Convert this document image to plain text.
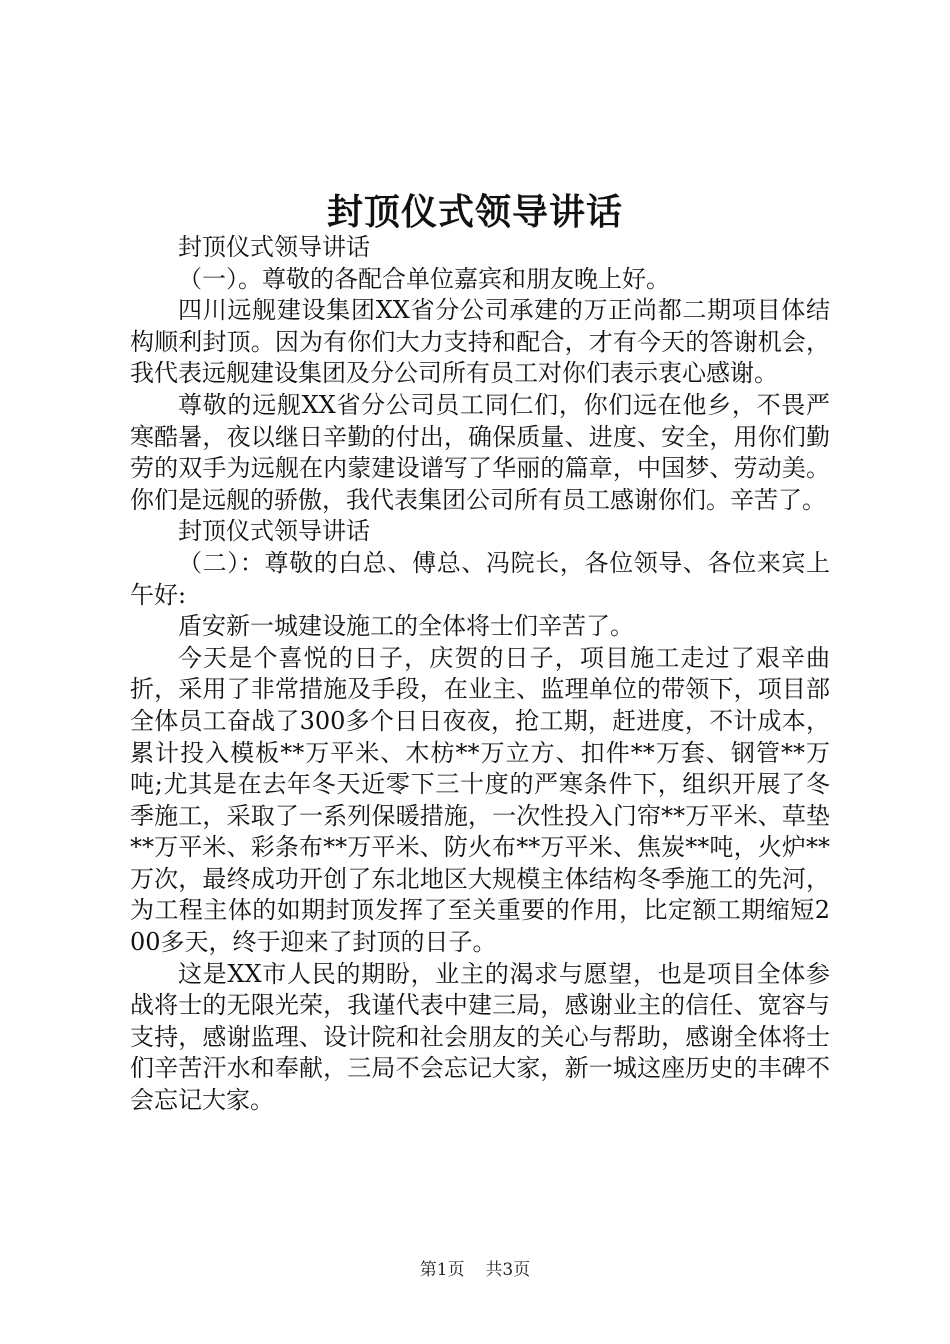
封顶仪式领导讲话

封顶仪式领导讲话

（一）。尊敬的各配合单位嘉宾和朋友晚上好。

四川远舰建设集团XX省分公司承建的万正尚都二期项目体结构顺利封顶。因为有你们大力支持和配合，才有今天的答谢机会，我代表远舰建设集团及分公司所有员工对你们表示衷心感谢。

尊敬的远舰XX省分公司员工同仁们，你们远在他乡，不畏严寒酷暑，夜以继日辛勤的付出，确保质量、进度、安全，用你们勤劳的双手为远舰在内蒙建设谱写了华丽的篇章，中国梦、劳动美。你们是远舰的骄傲，我代表集团公司所有员工感谢你们。辛苦了。

封顶仪式领导讲话

（二）：尊敬的白总、傅总、冯院长，各位领导、各位来宾上午好:

盾安新一城建设施工的全体将士们辛苦了。

今天是个喜悦的日子，庆贺的日子，项目施工走过了艰辛曲折，采用了非常措施及手段，在业主、监理单位的带领下，项目部全体员工奋战了300多个日日夜夜，抢工期，赶进度，不计成本，累计投入模板**万平米、木枋**万立方、扣件**万套、钢管**万吨;尤其是在去年冬天近零下三十度的严寒条件下，组织开展了冬季施工，采取了一系列保暖措施，一次性投入门帘**万平米、草垫**万平米、彩条布**万平米、防火布**万平米、焦炭**吨，火炉**万次，最终成功开创了东北地区大规模主体结构冬季施工的先河，为工程主体的如期封顶发挥了至关重要的作用，比定额工期缩短200多天，终于迎来了封顶的日子。

这是XX市人民的期盼，业主的渴求与愿望，也是项目全体参战将士的无限光荣，我谨代表中建三局，感谢业主的信任、宽容与支持，感谢监理、设计院和社会朋友的关心与帮助，感谢全体将士们辛苦汗水和奉献，三局不会忘记大家，新一城这座历史的丰碑不会忘记大家。

第1页 共3页
